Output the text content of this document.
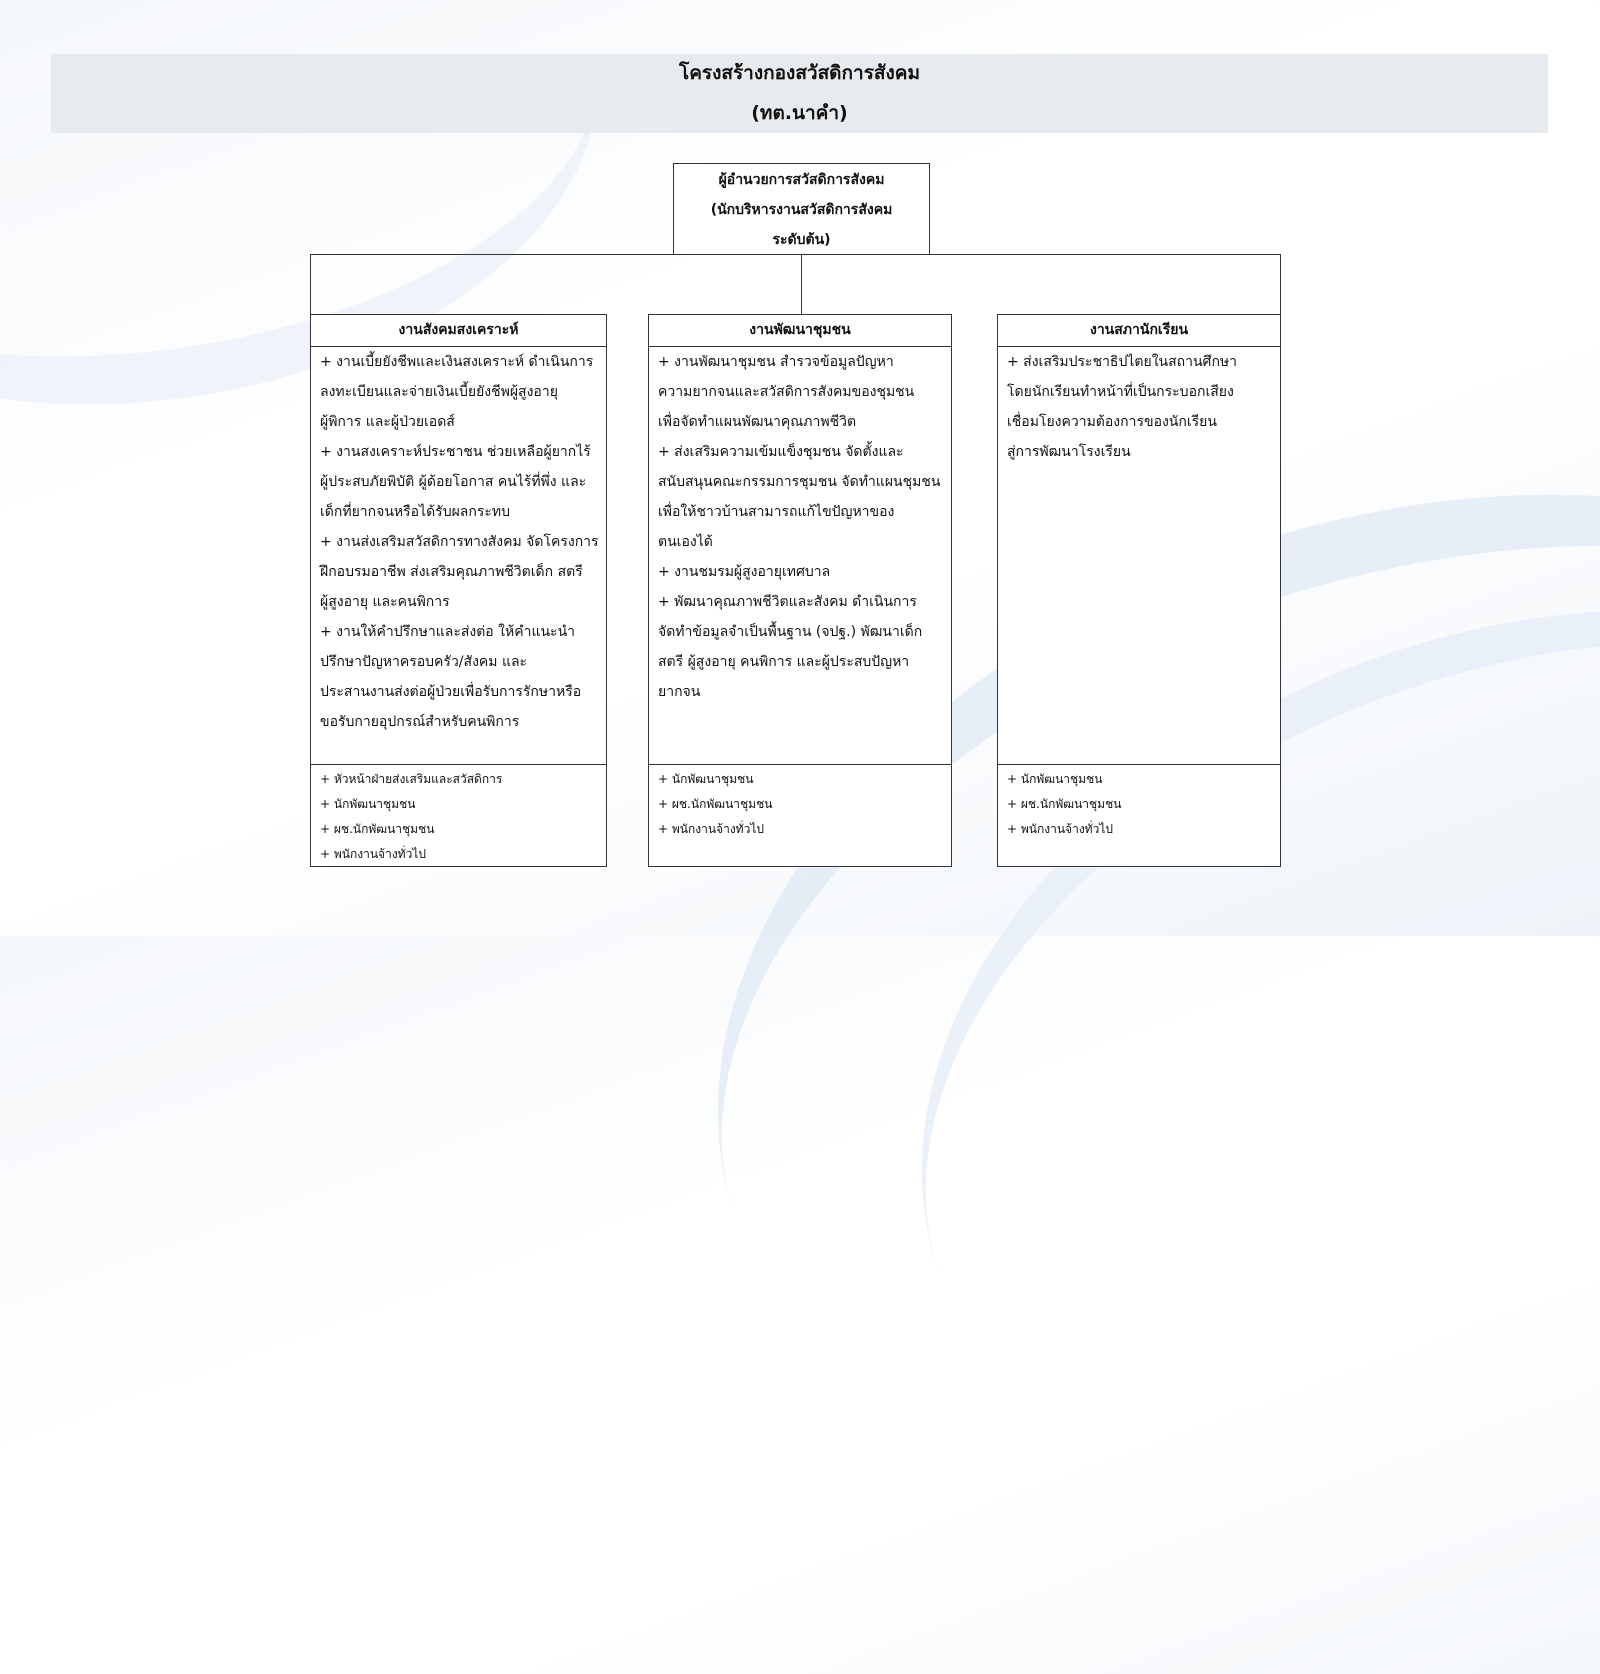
โครงสร้างกองสวัสดิการสังคม
(ทต.นาคำ)
ผู้อำนวยการสวัสดิการสังคม
(นักบริหารงานสวัสดิการสังคม
ระดับต้น)
งานสังคมสงเคราะห์
+ งานเบี้ยยังชีพและเงินสงเคราะห์ ดำเนินการ
ลงทะเบียนและจ่ายเงินเบี้ยยังชีพผู้สูงอายุ
ผู้พิการ และผู้ป่วยเอดส์
+ งานสงเคราะห์ประชาชน ช่วยเหลือผู้ยากไร้
ผู้ประสบภัยพิบัติ ผู้ด้อยโอกาส คนไร้ที่พึ่ง และ
เด็กที่ยากจนหรือได้รับผลกระทบ
+ งานส่งเสริมสวัสดิการทางสังคม จัดโครงการ
ฝึกอบรมอาชีพ ส่งเสริมคุณภาพชีวิตเด็ก สตรี
ผู้สูงอายุ และคนพิการ
+ งานให้คำปรึกษาและส่งต่อ ให้คำแนะนำ
ปรึกษาปัญหาครอบครัว/สังคม และ
ประสานงานส่งต่อผู้ป่วยเพื่อรับการรักษาหรือ
ขอรับกายอุปกรณ์สำหรับคนพิการ
+ หัวหน้าฝ่ายส่งเสริมและสวัสดิการ
+ นักพัฒนาชุมชน
+ ผช.นักพัฒนาชุมชน
+ พนักงานจ้างทั่วไป
งานพัฒนาชุมชน
+ งานพัฒนาชุมชน สำรวจข้อมูลปัญหา
ความยากจนและสวัสดิการสังคมของชุมชน
เพื่อจัดทำแผนพัฒนาคุณภาพชีวิต
+ ส่งเสริมความเข้มแข็งชุมชน จัดตั้งและ
สนับสนุนคณะกรรมการชุมชน จัดทำแผนชุมชน
เพื่อให้ชาวบ้านสามารถแก้ไขปัญหาของ
ตนเองได้
+ งานชมรมผู้สูงอายุเทศบาล
+ พัฒนาคุณภาพชีวิตและสังคม ดำเนินการ
จัดทำข้อมูลจำเป็นพื้นฐาน (จปฐ.) พัฒนาเด็ก
สตรี ผู้สูงอายุ คนพิการ และผู้ประสบปัญหา
ยากจน
+ นักพัฒนาชุมชน
+ ผช.นักพัฒนาชุมชน
+ พนักงานจ้างทั่วไป
งานสภานักเรียน
+ ส่งเสริมประชาธิปไตยในสถานศึกษา
โดยนักเรียนทำหน้าที่เป็นกระบอกเสียง
เชื่อมโยงความต้องการของนักเรียน
สู่การพัฒนาโรงเรียน
+ นักพัฒนาชุมชน
+ ผช.นักพัฒนาชุมชน
+ พนักงานจ้างทั่วไป
